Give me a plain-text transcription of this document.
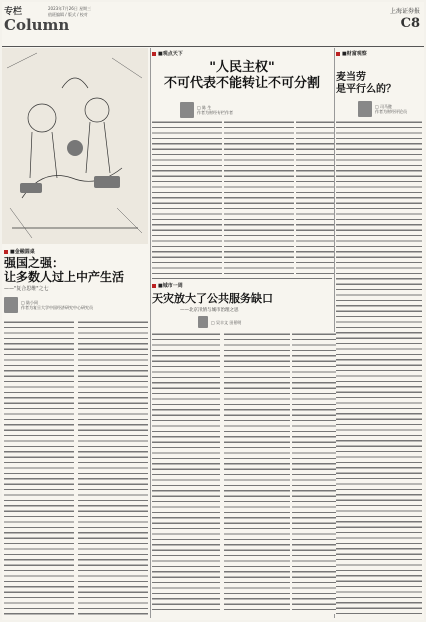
专栏
Column
2023年7月26日 星期三
值班编辑 / 版式 / 校对	上海证券报
C8
■金融圆桌
强国之强：
让多数人过上中产生活
——"复合思维"之七
□ 陆小同
作者为复旦大学中国经济研究中心研究员
■观点天下
"人民主权"
不可代表不能转让不可分割
□ 陈 生
作者为财经专栏作者
■城市一周
天灾放大了公共服务缺口
——北京汛情与城市治理之思
□ 吴丰文 田景明
■财富观察
麦当劳
是平行么的？
□ 司马懿
作者为财经评论员
